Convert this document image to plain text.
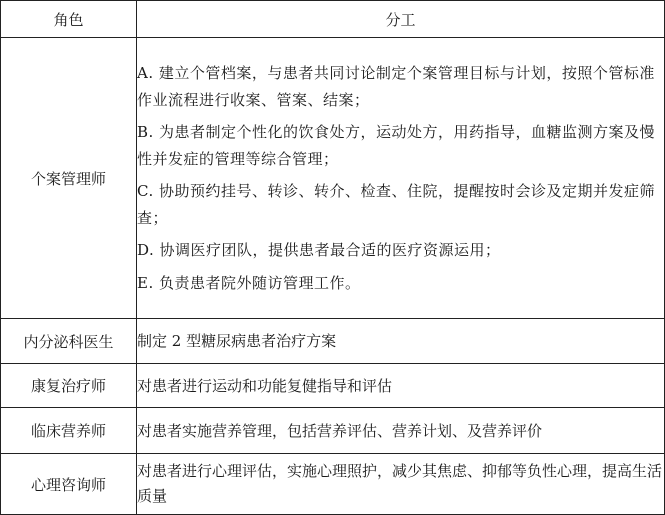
角色	分工
个案管理师	A. 建立个管档案，与患者共同讨论制定个案管理目标与计划，按照个管标准作业流程进行收案、管案、结案；

B. 为患者制定个性化的饮食处方，运动处方，用药指导，血糖监测方案及慢性并发症的管理等综合管理；

C. 协助预约挂号、转诊、转介、检查、住院，提醒按时会诊及定期并发症筛查；

D. 协调医疗团队，提供患者最合适的医疗资源运用；

E. 负责患者院外随访管理工作。

内分泌科医生	制定 2 型糖尿病患者治疗方案
康复治疗师	对患者进行运动和功能复健指导和评估
临床营养师	对患者实施营养管理，包括营养评估、营养计划、及营养评价
心理咨询师	对患者进行心理评估，实施心理照护，减少其焦虑、抑郁等负性心理，提高生活质量
